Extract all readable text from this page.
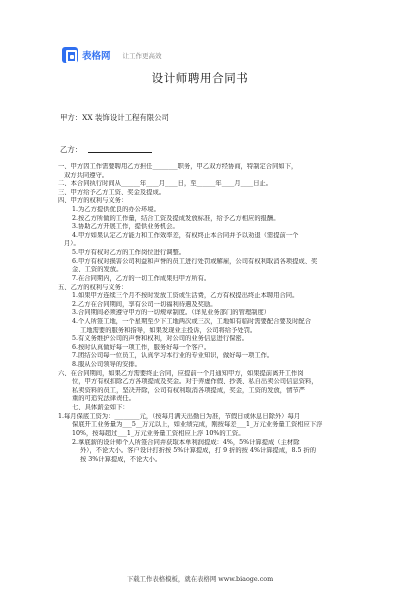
表格网 让工作更高效
设计师聘用合同书
甲方：XX 装饰设计工程有限公司
乙方：
一、甲方因工作需要聘用乙方担任________职务，甲乙双方经协商，特制定合同如下，
双方共同遵守。
二、本合同执行时间从______年____月____日，至______年____月____日止。
三、甲方给予乙方工资、奖金及提成。
四、甲方的权利与义务：
1.为乙方提供优良的办公环境。
2.按乙方所做的工作量，结合工资及提成发放标准，给予乙方相应的报酬。
3.协助乙方开展工作，提供业务机会。
4.甲方如果认定乙方能力和工作效率差，有权终止本合同并予以劝退（需提前一个
月）。
5.甲方有权对乙方的工作岗位进行调整。
6.甲方有权对损害公司利益和声誉的员工进行处罚或解雇，公司有权利取消各项提成、奖
金、工资的发放。
7.在合同期内，乙方的一切工作成果归甲方所有。
五、乙方的权利与义务：
1.如果甲方连续三个月不按时发放工资或生活费，乙方有权提出终止本聘用合同。
2.乙方在合同期间，享有公司一切福利待遇及奖励。
3.合同期间必须遵守甲方的一切规章制度。（详见业务部门的管理制度）
4.个人所签工地，一个星期至少下工地两次或三次，工地如有临时需要配合要及时配合
工地需要的服务和指导，如果发现业主投诉，公司将给予处罚。
5.有义务维护公司的声誉和权利，对公司的业务信息进行保密。
6.按时认真做好每一项工作，服务好每一个客户。
7.团结公司每一位员工，认真学习本行业的专业知识，做好每一项工作。
8.服从公司领导的安排。
六、在合同期间，如果乙方需要终止合同，应提前一个月通知甲方，如果提前离开工作岗
位，甲方有权扣除乙方各项提成及奖金。对于弄虚作假、抄袭、私自出卖公司信息资料，
私卖资料的员工，坚决开除，公司有权利取消各项提成，奖金，工资的发放，情节严
重的可追究法律责任。
七、具体薪金如下：
1.每月保底工资为：________元，（按每月满天出勤日为准，节假日或休息日除外）每月
保底开工业务量为___5__万元以上，如业绩完成，刚按每差___1_万元业务量工资相应下浮
10%，按每超过___1_万元业务量工资相应上浮 10%的工资。
2.拿底薪的设计师个人所签合同并获取本单利润提成：4%，5%计算提成（主材除
外），不论大小。客户设计打折按 5%计算提成，打 9 折的按 4%计算提成，8.5 折的
按 3%计算提成，不论大小。
下载工作表格模板，就在表格网 www.biaoge.com
